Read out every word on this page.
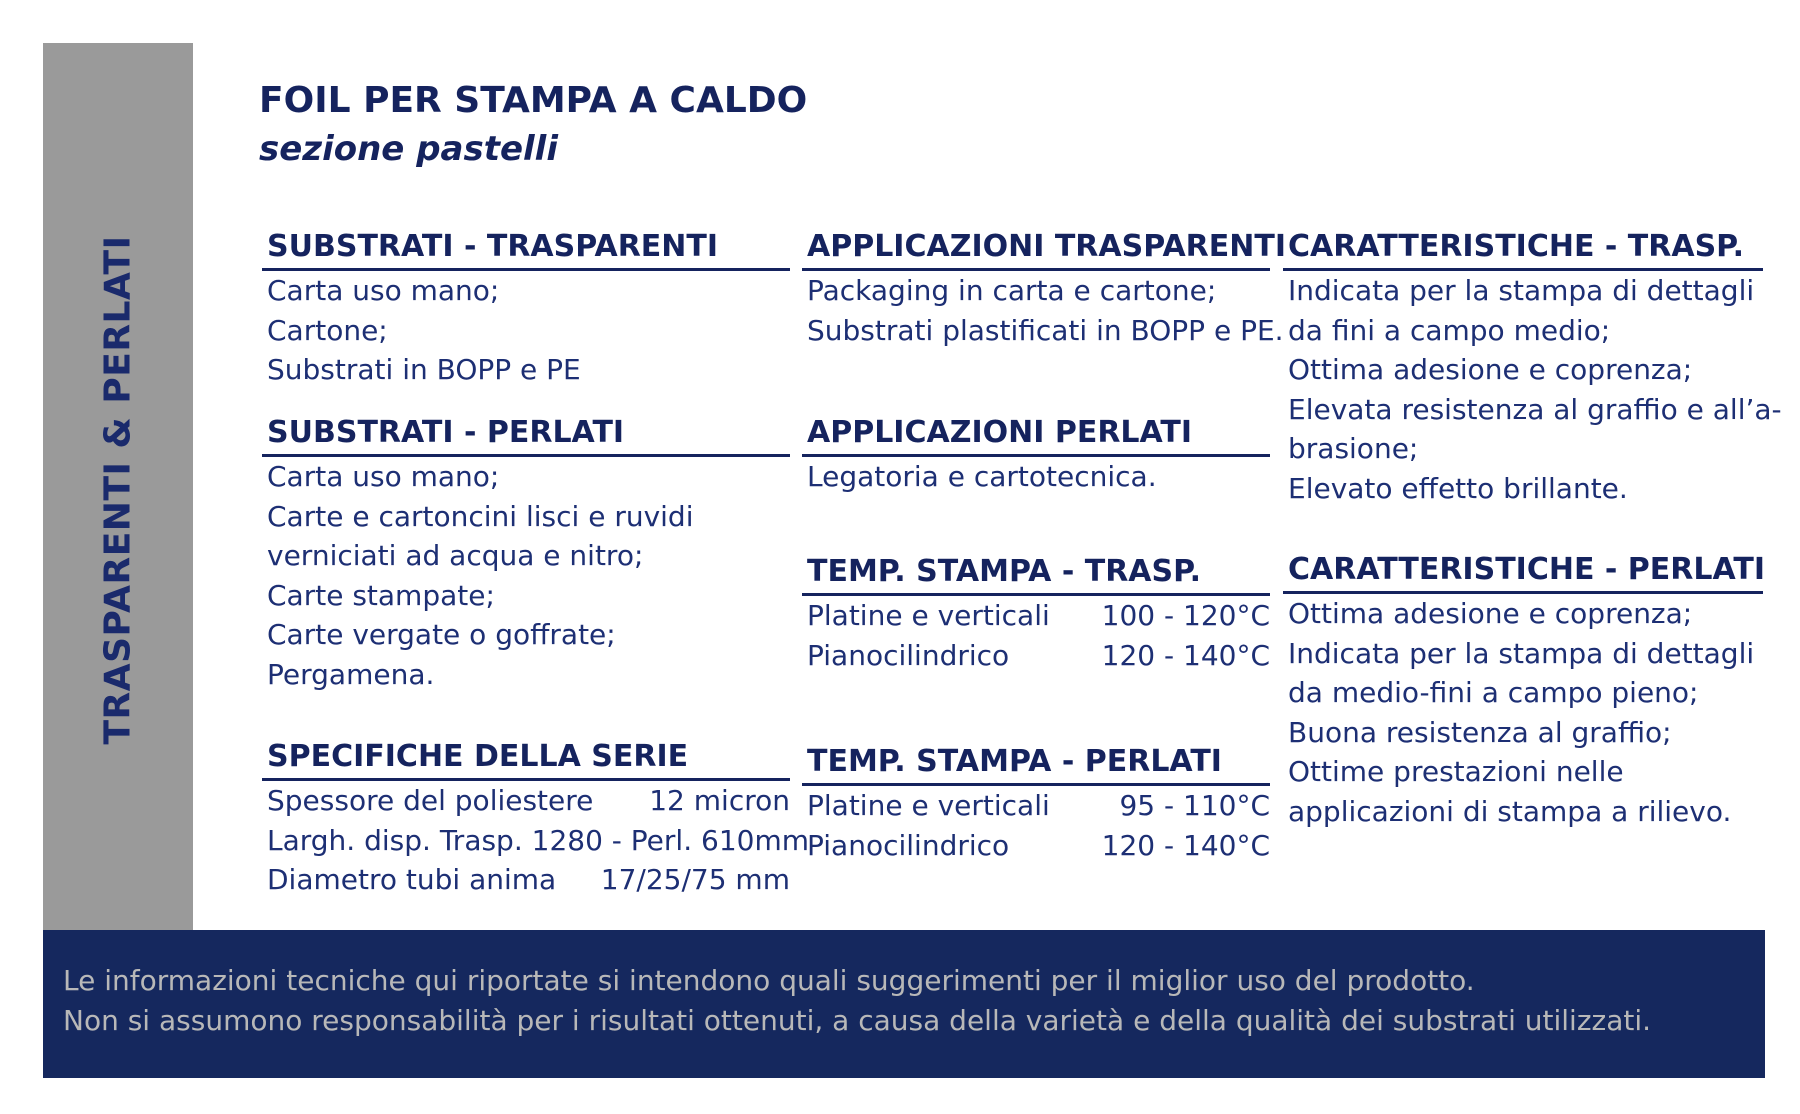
TRASPARENTI & PERLATI
FOIL PER STAMPA A CALDO
sezione pastelli
SUBSTRATI - TRASPARENTI
Carta uso mano;
Cartone;
Substrati in BOPP e PE
SUBSTRATI - PERLATI
Carta uso mano;
Carte e cartoncini lisci e ruvidi
verniciati ad acqua e nitro;
Carte stampate;
Carte vergate o goffrate;
Pergamena.
SPECIFICHE DELLA SERIE
Spessore del poliestere 12 micron
Largh. disp. Trasp. 1280 - Perl. 610mm
Diametro tubi anima 17/25/75 mm
APPLICAZIONI TRASPARENTI
Packaging in carta e cartone;
Substrati plastificati in BOPP e PE.
APPLICAZIONI PERLATI
Legatoria e cartotecnica.
TEMP. STAMPA - TRASP.
Platine e verticali 100 - 120°C
Pianocilindrico	120 - 140°C
TEMP. STAMPA - PERLATI
Platine e verticali 95 - 110°C
Pianocilindrico	120 - 140°C
CARATTERISTICHE - TRASP.
Indicata per la stampa di dettagli
da fini a campo medio;
Ottima adesione e coprenza;
Elevata resistenza al graffio e all’a-
brasione;
Elevato effetto brillante.
CARATTERISTICHE - PERLATI
Ottima adesione e coprenza;
Indicata per la stampa di dettagli
da medio-fini a campo pieno;
Buona resistenza al graffio;
Ottime prestazioni nelle
applicazioni di stampa a rilievo.
Le informazioni tecniche qui riportate si intendono quali suggerimenti per il miglior uso del prodotto.
Non si assumono responsabilità per i risultati ottenuti, a causa della varietà e della qualità dei substrati utilizzati.
